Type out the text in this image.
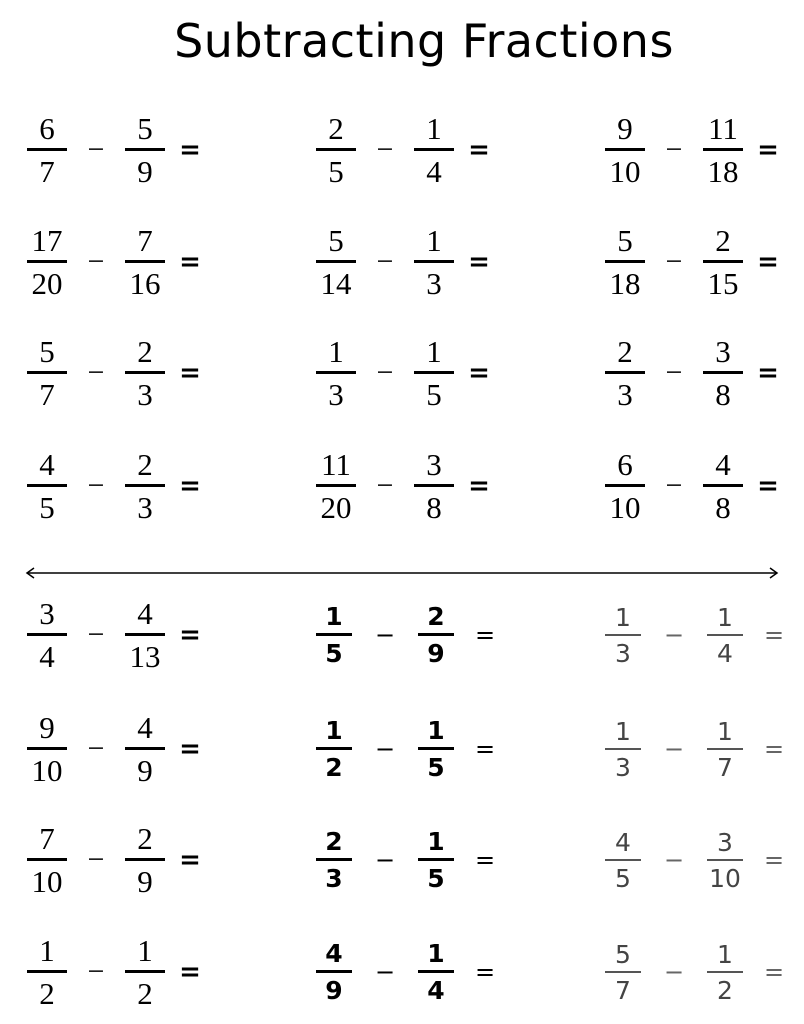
Subtracting Fractions
$\frac{6}{7} - \frac{5}{9}$ =	$\frac{2}{5} - \frac{1}{4}$ =	$\frac{9}{10} - \frac{11}{18}$ =
$\frac{17}{20} - \frac{7}{16}$ =	$\frac{5}{14} - \frac{1}{3}$ =	$\frac{5}{18} - \frac{2}{15}$ =
$\frac{5}{7} - \frac{2}{3}$ =	$\frac{1}{3} - \frac{1}{5}$ =	$\frac{2}{3} - \frac{3}{8}$ =
$\frac{4}{5} - \frac{2}{3}$ =	$\frac{11}{20} - \frac{3}{8}$ =	$\frac{6}{10} - \frac{4}{8}$ =
$\frac{3}{4} - \frac{4}{13}$ =	$\frac{1}{5} - \frac{2}{9}$ =	$\frac{1}{3} - \frac{1}{4}$ =
$\frac{9}{10} - \frac{4}{9}$ =	$\frac{1}{2} - \frac{1}{5}$ =	$\frac{1}{3} - \frac{1}{7}$ =
$\frac{7}{10} - \frac{2}{9}$ =	$\frac{2}{3} - \frac{1}{5}$ =	$\frac{4}{5} - \frac{3}{10}$ =
$\frac{1}{2} - \frac{1}{2}$ =	$\frac{4}{9} - \frac{1}{4}$ =	$\frac{5}{7} - \frac{1}{2}$ =
